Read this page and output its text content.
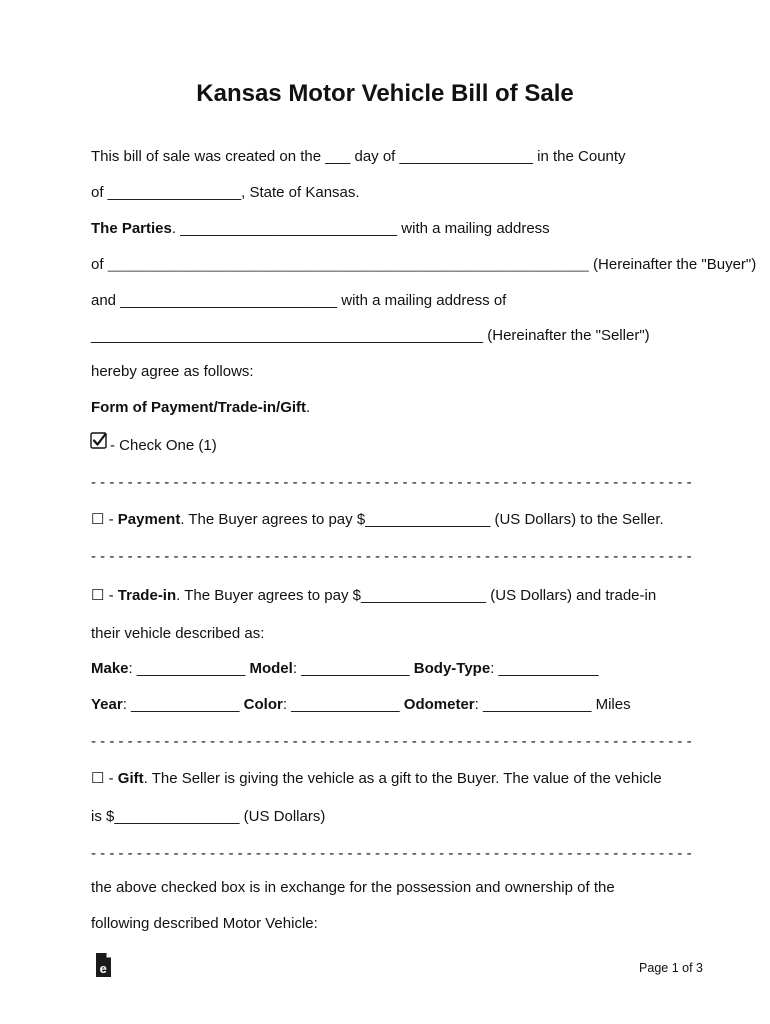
Kansas Motor Vehicle Bill of Sale
This bill of sale was created on the ___ day of ________________ in the County
of ________________, State of Kansas.
The Parties. __________________________ with a mailing address
of ______________________________________________________________________ (Hereinafter the "Buyer")
and __________________________ with a mailing address of
_______________________________________________ (Hereinafter the "Seller")
hereby agree as follows:
Form of Payment/Trade-in/Gift.
- Check One (1)
- - - - - - - - - - - - - - - - - - - - - - - - - - - - - - - - - - - - - - - - - - - - - - - - - - - - - - - - - - - - - - - - - -
☐ - Payment. The Buyer agrees to pay $_______________ (US Dollars) to the Seller.
- - - - - - - - - - - - - - - - - - - - - - - - - - - - - - - - - - - - - - - - - - - - - - - - - - - - - - - - - - - - - - - - - -
☐ - Trade-in. The Buyer agrees to pay $_______________ (US Dollars) and trade-in
their vehicle described as:
Make: _____________ Model: _____________ Body-Type: ____________
Year: _____________ Color: _____________ Odometer: _____________ Miles
- - - - - - - - - - - - - - - - - - - - - - - - - - - - - - - - - - - - - - - - - - - - - - - - - - - - - - - - - - - - - - - - - -
☐ - Gift. The Seller is giving the vehicle as a gift to the Buyer. The value of the vehicle
is $_______________ (US Dollars)
- - - - - - - - - - - - - - - - - - - - - - - - - - - - - - - - - - - - - - - - - - - - - - - - - - - - - - - - - - - - - - - - - -
the above checked box is in exchange for the possession and ownership of the
following described Motor Vehicle:
e	Page 1 of 3
